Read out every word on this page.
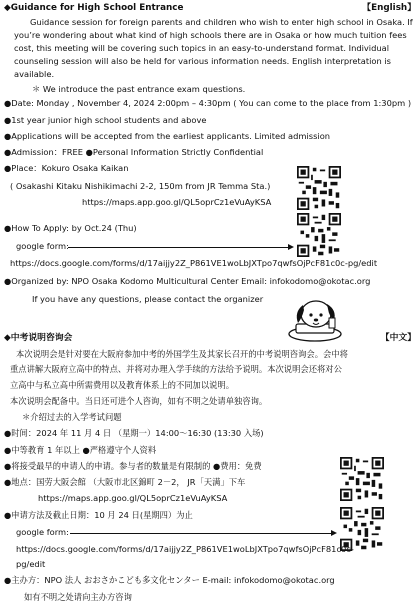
◆Guidance for High School Entrance	【English】
Guidance session for foreign parents and children who wish to enter high school in Osaka. If
you’re wondering about what kind of high schools there are in Osaka or how much tuition fees
cost, this meeting will be covering such topics in an easy-to-understand format. Individual
counseling session will also be held for various information needs. English interpretation is
available.
＊ We introduce the past entrance exam questions.
●Date: Monday , November 4, 2024 2:00pm – 4:30pm ( You can come to the place from 1:30pm )
●1st year junior high school students and above
●Applications will be accepted from the earliest applicants. Limited admission
●Admission：FREE ●Personal Information Strictly Confidential
●Place：Kokuro Osaka Kaikan
( Osakashi Kitaku Nishikimachi 2-2, 150m from JR Temma Sta.)
https://maps.app.goo.gl/QL5oprCz1eVuAyKSA
●How To Apply: by Oct.24 (Thu)
google form:
https://docs.google.com/forms/d/17aijjy2Z_P861VE1woLbJXTpo7qwfsOjPcF81c0c-pg/edit
●Organized by: NPO Osaka Kodomo Multicultural Center Email: infokodomo@okotac.org
If you have any questions, please contact the organizer
◆中考说明咨询会	【中文】
本次说明会是针对要在大阪府参加中考的外国学生及其家长召开的中考说明咨询会。会中将
重点讲解大阪府立高中的特点、并将对办理入学手续的方法给予说明。本次说明会还将对公
立高中与私立高中所需费用以及教育体系上的不同加以说明。
本次说明会配备中。当日还可进个人咨询，如有不明之处请单独咨询。
＊介绍过去的入学考试问题
●时间：2024 年 11 月 4 日 （星期一）14:00～16:30 (13:30 入场)
●中等教育 1 年以上 ●严格遵守个人资料
●将接受最早的申请人的申请。参与者的数量是有限制的 ●费用：免费
●地点：国劳大阪会館 （大阪市北区錦町 2－2， JR「天满」下车
https://maps.app.goo.gl/QL5oprCz1eVuAyKSA
●申请方法及截止日期：10 月 24 日(星期四）为止
google form:
https://docs.google.com/forms/d/17aijjy2Z_P861VE1woLbJXTpo7qwfsOjPcF81c0c-
pg/edit
●主办方：NPO 法人 おおさかこども多文化センター E-mail: infokodomo@okotac.org
如有不明之处请向主办方咨询
